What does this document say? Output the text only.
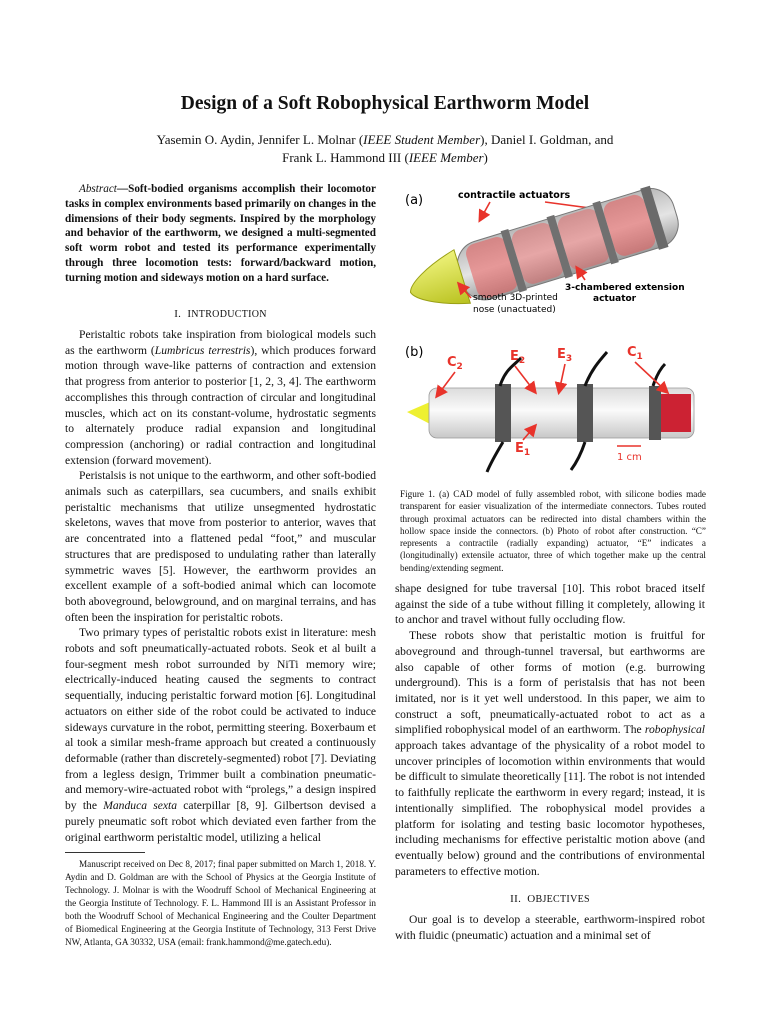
Design of a Soft Robophysical Earthworm Model
Yasemin O. Aydin, Jennifer L. Molnar (IEEE Student Member), Daniel I. Goldman, and
Frank L. Hammond III (IEEE Member)

Abstract—Soft-bodied organisms accomplish their locomotor tasks in complex environments based primarily on changes in the dimensions of their body segments. Inspired by the morphology and behavior of the earthworm, we designed a multi-segmented soft worm robot and tested its performance experimentally through three locomotion tests: forward/backward motion, turning motion and sideways motion on a hard surface.

I. INTRODUCTION

Peristaltic robots take inspiration from biological models such as the earthworm (Lumbricus terrestris), which produces forward motion through wave-like patterns of contraction and extension that progress from anterior to posterior [1, 2, 3, 4]. The earthworm accomplishes this through contraction of circular and longitudinal muscles, which act on its constant-volume, hydrostatic segments to alternately produce radial expansion and longitudinal compression (anchoring) or radial contraction and longitudinal extension (forward movement).

Peristalsis is not unique to the earthworm, and other soft-bodied animals such as caterpillars, sea cucumbers, and snails exhibit peristaltic mechanisms that utilize unsegmented hydrostatic skeletons, waves that move from posterior to anterior, waves that are concentrated into a flattened pedal “foot,” and muscular structures that are predisposed to undulating rather than laterally symmetric waves [5]. However, the earthworm provides an excellent example of a soft-bodied animal which can locomote both aboveground, belowground, and on marginal terrains, and has often been the inspiration for peristaltic robots.

Two primary types of peristaltic robots exist in literature: mesh robots and soft pneumatically-actuated robots. Seok et al built a four-segment mesh robot surrounded by NiTi memory wire; electrically-induced heating caused the segments to contract sequentially, inducing peristaltic forward motion [6]. Longitudinal actuators on either side of the robot could be activated to induce sideways curvature in the robot, permitting steering. Boxerbaum et al took a similar mesh-frame approach but created a continuously deformable (rather than discretely-segmented) robot [7]. Deviating from a legless design, Trimmer built a combination pneumatic- and memory-wire-actuated robot with “prolegs,” a design inspired by the Manduca sexta caterpillar [8, 9]. Gilbertson devised a purely pneumatic soft robot which deviated even farther from the original earthworm peristaltic model, utilizing a helical

Manuscript received on Dec 8, 2017; final paper submitted on March 1, 2018. Y. Aydin and D. Goldman are with the School of Physics at the Georgia Institute of Technology. J. Molnar is with the Woodruff School of Mechanical Engineering at the Georgia Institute of Technology. F. L. Hammond III is an Assistant Professor in both the Woodruff School of Mechanical Engineering and the Coulter Department of Biomedical Engineering at the Georgia Institute of Technology, 313 Ferst Drive NW, Atlanta, GA 30332, USA (email: frank.hammond@me.gatech.edu).

(a)	contractile actuators
3-chambered extension
actuator
smooth 3D-printed
nose (unactuated)
(b)
$C_2$
$E_2$ $E_3$	$C_1$
$E_1$	1 cm

Figure 1. (a) CAD model of fully assembled robot, with silicone bodies made transparent for easier visualization of the intermediate connectors. Tubes routed through proximal actuators can be redirected into distal chambers within the hollow space inside the connectors. (b) Photo of robot after construction. “C” represents a contractile (radially expanding) actuator, “E” indicates a (longitudinally) extensile actuator, three of which together make up the central bending/extending segment.

shape designed for tube traversal [10]. This robot braced itself against the side of a tube without filling it completely, allowing it to anchor and travel without fully occluding flow.

These robots show that peristaltic motion is fruitful for aboveground and through-tunnel traversal, but earthworms are also capable of other forms of motion (e.g. burrowing underground). This is a form of peristalsis that has not been imitated, nor is it yet well understood. In this paper, we aim to construct a soft, pneumatically-actuated robot to act as a simplified robophysical model of an earthworm. The robophysical approach takes advantage of the physicality of a robot model to uncover principles of locomotion within environments that would be difficult to simulate theoretically [11]. The robot is not intended to faithfully replicate the earthworm in every regard; instead, it is intentionally simplified. The robophysical model provides a platform for isolating and testing basic locomotor hypotheses, including mechanisms for effective peristaltic motion above (and eventually below) ground and the contributions of environmental parameters to effective motion.

II. OBJECTIVES

Our goal is to develop a steerable, earthworm-inspired robot with fluidic (pneumatic) actuation and a minimal set of
